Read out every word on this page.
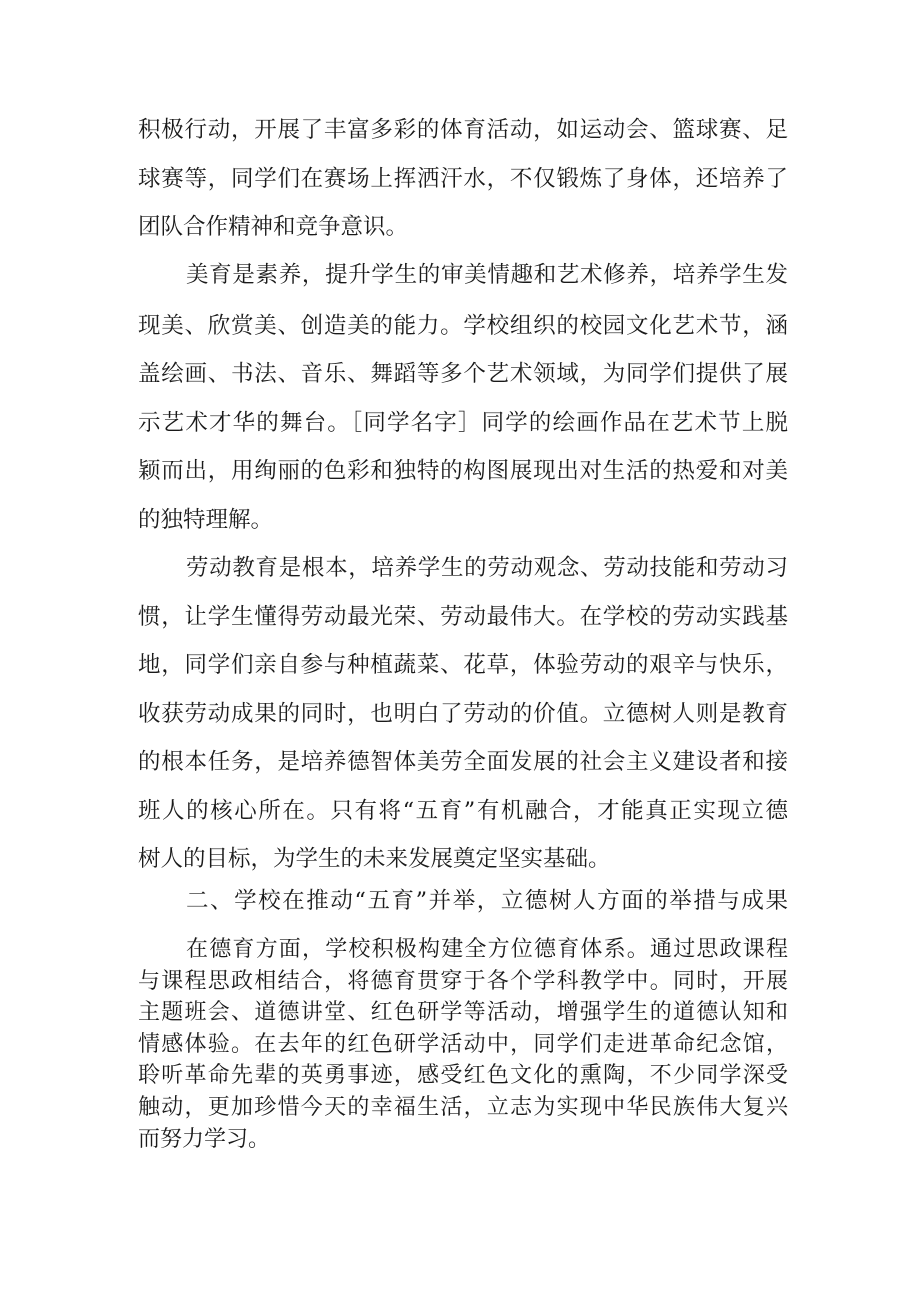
积极行动，开展了丰富多彩的体育活动，如运动会、篮球赛、足
球赛等，同学们在赛场上挥洒汗水，不仅锻炼了身体，还培养了
团队合作精神和竞争意识。
美育是素养，提升学生的审美情趣和艺术修养，培养学生发
现美、欣赏美、创造美的能力。学校组织的校园文化艺术节，涵
盖绘画、书法、音乐、舞蹈等多个艺术领域，为同学们提供了展
示艺术才华的舞台。［同学名字］同学的绘画作品在艺术节上脱
颖而出，用绚丽的色彩和独特的构图展现出对生活的热爱和对美
的独特理解。
劳动教育是根本，培养学生的劳动观念、劳动技能和劳动习
惯，让学生懂得劳动最光荣、劳动最伟大。在学校的劳动实践基
地，同学们亲自参与种植蔬菜、花草，体验劳动的艰辛与快乐，
收获劳动成果的同时，也明白了劳动的价值。立德树人则是教育
的根本任务，是培养德智体美劳全面发展的社会主义建设者和接
班人的核心所在。只有将“五育”有机融合，才能真正实现立德
树人的目标，为学生的未来发展奠定坚实基础。
二、学校在推动“五育”并举，立德树人方面的举措与成果
在德育方面，学校积极构建全方位德育体系。通过思政课程
与课程思政相结合，将德育贯穿于各个学科教学中。同时，开展
主题班会、道德讲堂、红色研学等活动，增强学生的道德认知和
情感体验。在去年的红色研学活动中，同学们走进革命纪念馆，
聆听革命先辈的英勇事迹，感受红色文化的熏陶，不少同学深受
触动，更加珍惜今天的幸福生活，立志为实现中华民族伟大复兴
而努力学习。
